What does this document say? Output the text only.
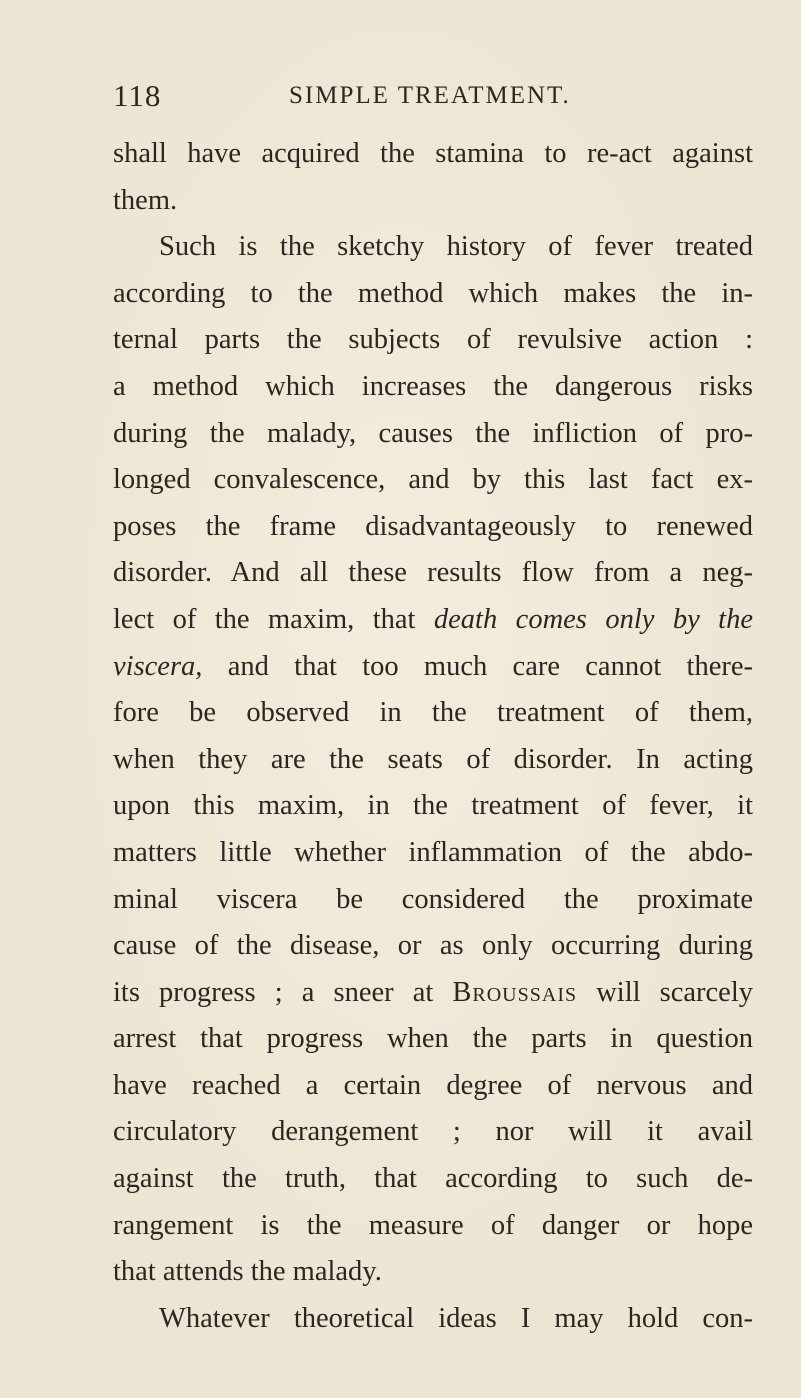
118	SIMPLE TREATMENT.
shall have acquired the stamina to re-act against
them.
Such is the sketchy history of fever treated
according to the method which makes the in-
ternal parts the subjects of revulsive action :
a method which increases the dangerous risks
during the malady, causes the infliction of pro-
longed convalescence, and by this last fact ex-
poses the frame disadvantageously to renewed
disorder. And all these results flow from a neg-
lect of the maxim, that death comes only by the
viscera, and that too much care cannot there-
fore be observed in the treatment of them,
when they are the seats of disorder. In acting
upon this maxim, in the treatment of fever, it
matters little whether inflammation of the abdo-
minal viscera be considered the proximate
cause of the disease, or as only occurring during
its progress ; a sneer at Broussais will scarcely
arrest that progress when the parts in question
have reached a certain degree of nervous and
circulatory derangement ; nor will it avail
against the truth, that according to such de-
rangement is the measure of danger or hope
that attends the malady.
Whatever theoretical ideas I may hold con-
